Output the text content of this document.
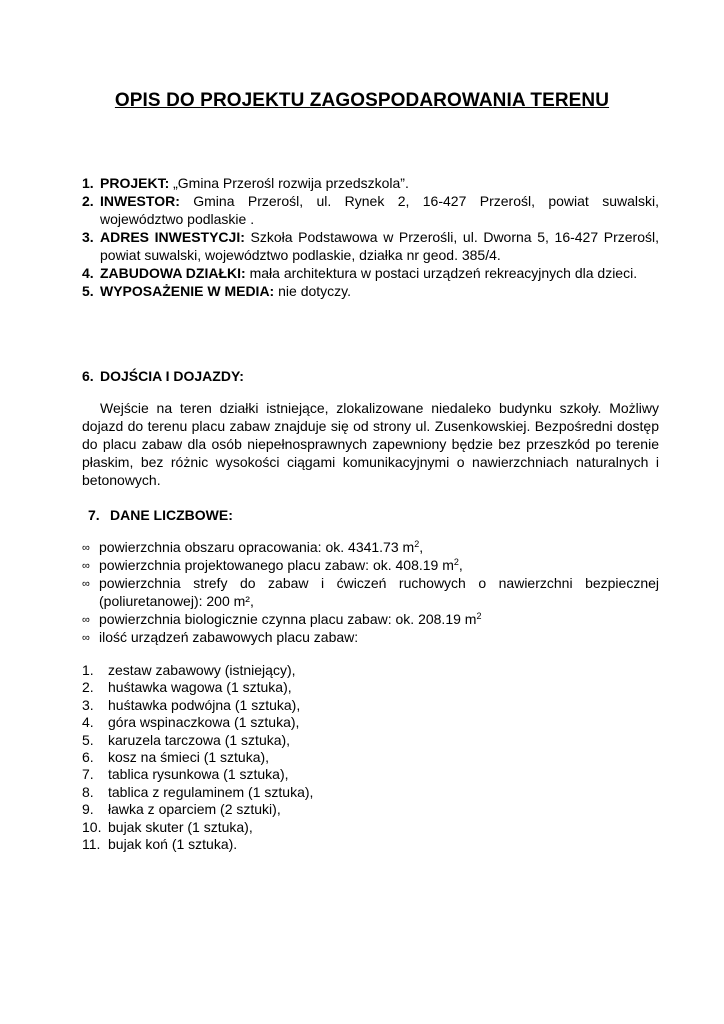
OPIS DO PROJEKTU ZAGOSPODAROWANIA TERENU
1. PROJEKT: „Gmina Przerośl rozwija przedszkola”.
2. INWESTOR: Gmina Przerośl, ul. Rynek 2, 16-427 Przerośl, powiat suwalski, województwo podlaskie .
3. ADRES INWESTYCJI: Szkoła Podstawowa w Przerośli, ul. Dworna 5, 16-427 Przerośl, powiat suwalski, województwo podlaskie, działka nr geod. 385/4.
4. ZABUDOWA DZIAŁKI: mała architektura w postaci urządzeń rekreacyjnych dla dzieci.
5. WYPOSAŻENIE W MEDIA: nie dotyczy.
6. DOJŚCIA I DOJAZDY:
Wejście na teren działki istniejące, zlokalizowane niedaleko budynku szkoły. Możliwy dojazd do terenu placu zabaw znajduje się od strony ul. Zusenkowskiej. Bezpośredni dostęp do placu zabaw dla osób niepełnosprawnych zapewniony będzie bez przeszkód po terenie płaskim, bez różnic wysokości ciągami komunikacyjnymi o nawierzchniach naturalnych i betonowych.
7. DANE LICZBOWE:
∞ powierzchnia obszaru opracowania: ok. 4341.73 $m^2$,
∞ powierzchnia projektowanego placu zabaw: ok. 408.19 $m^2$,
∞ powierzchnia strefy do zabaw i ćwiczeń ruchowych o nawierzchni bezpiecznej (poliuretanowej): 200 m²,
∞ powierzchnia biologicznie czynna placu zabaw: ok. 208.19 $m^2$
∞ ilość urządzeń zabawowych placu zabaw:
1. zestaw zabawowy (istniejący),
2. huśtawka wagowa (1 sztuka),
3. huśtawka podwójna (1 sztuka),
4. góra wspinaczkowa (1 sztuka),
5. karuzela tarczowa (1 sztuka),
6. kosz na śmieci (1 sztuka),
7. tablica rysunkowa (1 sztuka),
8. tablica z regulaminem (1 sztuka),
9. ławka z oparciem (2 sztuki),
10. bujak skuter (1 sztuka),
11. bujak koń (1 sztuka).
